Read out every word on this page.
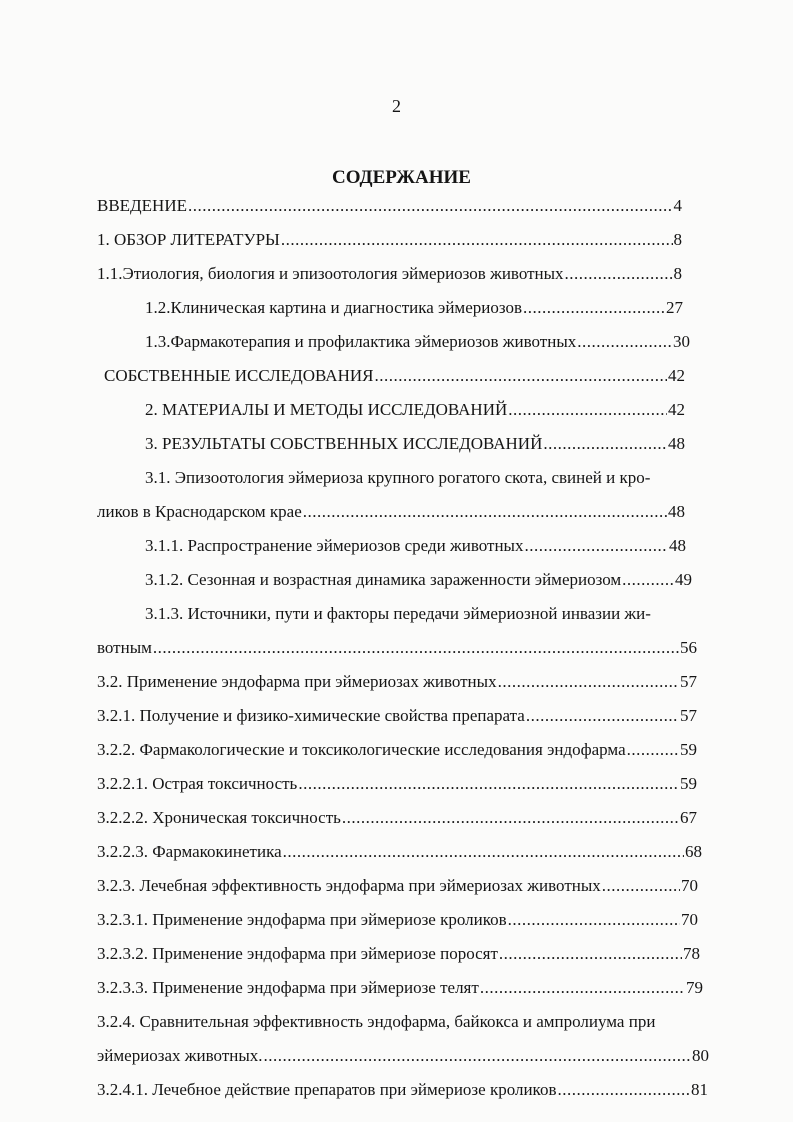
2
СОДЕРЖАНИЕ
ВВЕДЕНИЕ .....	4
1. ОБЗОР ЛИТЕРАТУРЫ .....	8
1.1.Этиология, биология и эпизоотология эймериозов животных .....	8
1.2.Клиническая картина и диагностика эймериозов .....	27
1.3.Фармакотерапия и профилактика эймериозов животных .....	30
СОБСТВЕННЫЕ ИССЛЕДОВАНИЯ .....	42
2. МАТЕРИАЛЫ И МЕТОДЫ ИССЛЕДОВАНИЙ .....	42
3. РЕЗУЛЬТАТЫ СОБСТВЕННЫХ ИССЛЕДОВАНИЙ .....	48
3.1. Эпизоотология эймериоза крупного рогатого скота, свиней и кро-
ликов в Краснодарском крае .....	48
3.1.1. Распространение эймериозов среди животных .....	48
3.1.2. Сезонная и возрастная динамика зараженности эймериозом .....	49
3.1.3. Источники, пути и факторы передачи эймериозной инвазии жи-
вотным .....	56
3.2. Применение эндофарма при эймериозах животных .....	57
3.2.1. Получение и физико-химические свойства препарата .....	57
3.2.2. Фармакологические и токсикологические исследования эндофарма .....	59
3.2.2.1. Острая токсичность .....	59
3.2.2.2. Хроническая токсичность .....	67
3.2.2.3. Фармакокинетика .....	68
3.2.3. Лечебная эффективность эндофарма при эймериозах животных .....	70
3.2.3.1. Применение эндофарма при эймериозе кроликов .....	70
3.2.3.2. Применение эндофарма при эймериозе поросят .....	78
3.2.3.3. Применение эндофарма при эймериозе телят .....	79
3.2.4. Сравнительная эффективность эндофарма, байкокса и ампролиума при
эймериозах животных. .....	80
3.2.4.1. Лечебное действие препаратов при эймериозе кроликов .....	81
